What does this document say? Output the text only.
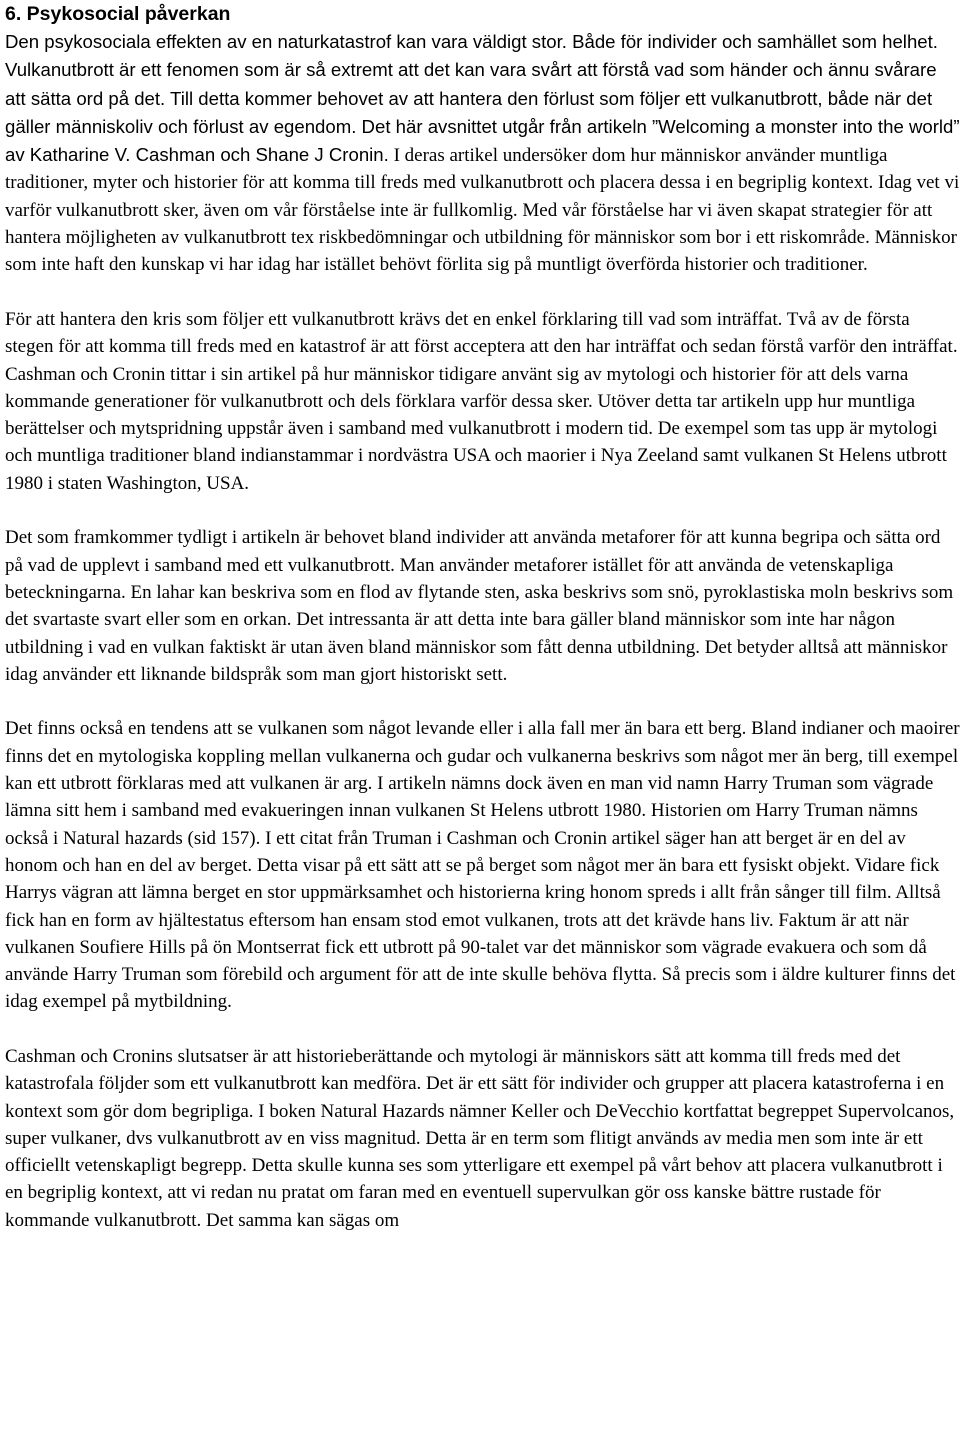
6. Psykosocial påverkan

Den psykosociala effekten av en naturkatastrof kan vara väldigt stor. Både för individer och samhället som helhet. Vulkanutbrott är ett fenomen som är så extremt att det kan vara svårt att förstå vad som händer och ännu svårare att sätta ord på det. Till detta kommer behovet av att hantera den förlust som följer ett vulkanutbrott, både när det gäller människoliv och förlust av egendom. Det här avsnittet utgår från artikeln ”Welcoming a monster into the world” av Katharine V. Cashman och Shane J Cronin. I deras artikel undersöker dom hur människor använder muntliga traditioner, myter och historier för att komma till freds med vulkanutbrott och placera dessa i en begriplig kontext. Idag vet vi varför vulkanutbrott sker, även om vår förståelse inte är fullkomlig. Med vår förståelse har vi även skapat strategier för att hantera möjligheten av vulkanutbrott tex riskbedömningar och utbildning för människor som bor i ett riskområde. Människor som inte haft den kunskap vi har idag har istället behövt förlita sig på muntligt överförda historier och traditioner.

För att hantera den kris som följer ett vulkanutbrott krävs det en enkel förklaring till vad som inträffat. Två av de första stegen för att komma till freds med en katastrof är att först acceptera att den har inträffat och sedan förstå varför den inträffat. Cashman och Cronin tittar i sin artikel på hur människor tidigare använt sig av mytologi och historier för att dels varna kommande generationer för vulkanutbrott och dels förklara varför dessa sker. Utöver detta tar artikeln upp hur muntliga berättelser och mytspridning uppstår även i samband med vulkanutbrott i modern tid. De exempel som tas upp är mytologi och muntliga traditioner bland indianstammar i nordvästra USA och maorier i Nya Zeeland samt vulkanen St Helens utbrott 1980 i staten Washington, USA.

Det som framkommer tydligt i artikeln är behovet bland individer att använda metaforer för att kunna begripa och sätta ord på vad de upplevt i samband med ett vulkanutbrott. Man använder metaforer istället för att använda de vetenskapliga beteckningarna. En lahar kan beskriva som en flod av flytande sten, aska beskrivs som snö, pyroklastiska moln beskrivs som det svartaste svart eller som en orkan. Det intressanta är att detta inte bara gäller bland människor som inte har någon utbildning i vad en vulkan faktiskt är utan även bland människor som fått denna utbildning. Det betyder alltså att människor idag använder ett liknande bildspråk som man gjort historiskt sett.

Det finns också en tendens att se vulkanen som något levande eller i alla fall mer än bara ett berg. Bland indianer och maoirer finns det en mytologiska koppling mellan vulkanerna och gudar och vulkanerna beskrivs som något mer än berg, till exempel kan ett utbrott förklaras med att vulkanen är arg. I artikeln nämns dock även en man vid namn Harry Truman som vägrade lämna sitt hem i samband med evakueringen innan vulkanen St Helens utbrott 1980. Historien om Harry Truman nämns också i Natural hazards (sid 157). I ett citat från Truman i Cashman och Cronin artikel säger han att berget är en del av honom och han en del av berget. Detta visar på ett sätt att se på berget som något mer än bara ett fysiskt objekt. Vidare fick Harrys vägran att lämna berget en stor uppmärksamhet och historierna kring honom spreds i allt från sånger till film. Alltså fick han en form av hjältestatus eftersom han ensam stod emot vulkanen, trots att det krävde hans liv. Faktum är att när vulkanen Soufiere Hills på ön Montserrat fick ett utbrott på 90-talet var det människor som vägrade evakuera och som då använde Harry Truman som förebild och argument för att de inte skulle behöva flytta. Så precis som i äldre kulturer finns det idag exempel på mytbildning.

Cashman och Cronins slutsatser är att historieberättande och mytologi är människors sätt att komma till freds med det katastrofala följder som ett vulkanutbrott kan medföra. Det är ett sätt för individer och grupper att placera katastroferna i en kontext som gör dom begripliga. I boken Natural Hazards nämner Keller och DeVecchio kortfattat begreppet Supervolcanos, super vulkaner, dvs vulkanutbrott av en viss magnitud. Detta är en term som flitigt används av media men som inte är ett officiellt vetenskapligt begrepp. Detta skulle kunna ses som ytterligare ett exempel på vårt behov att placera vulkanutbrott i en begriplig kontext, att vi redan nu pratat om faran med en eventuell supervulkan gör oss kanske bättre rustade för kommande vulkanutbrott. Det samma kan sägas om
